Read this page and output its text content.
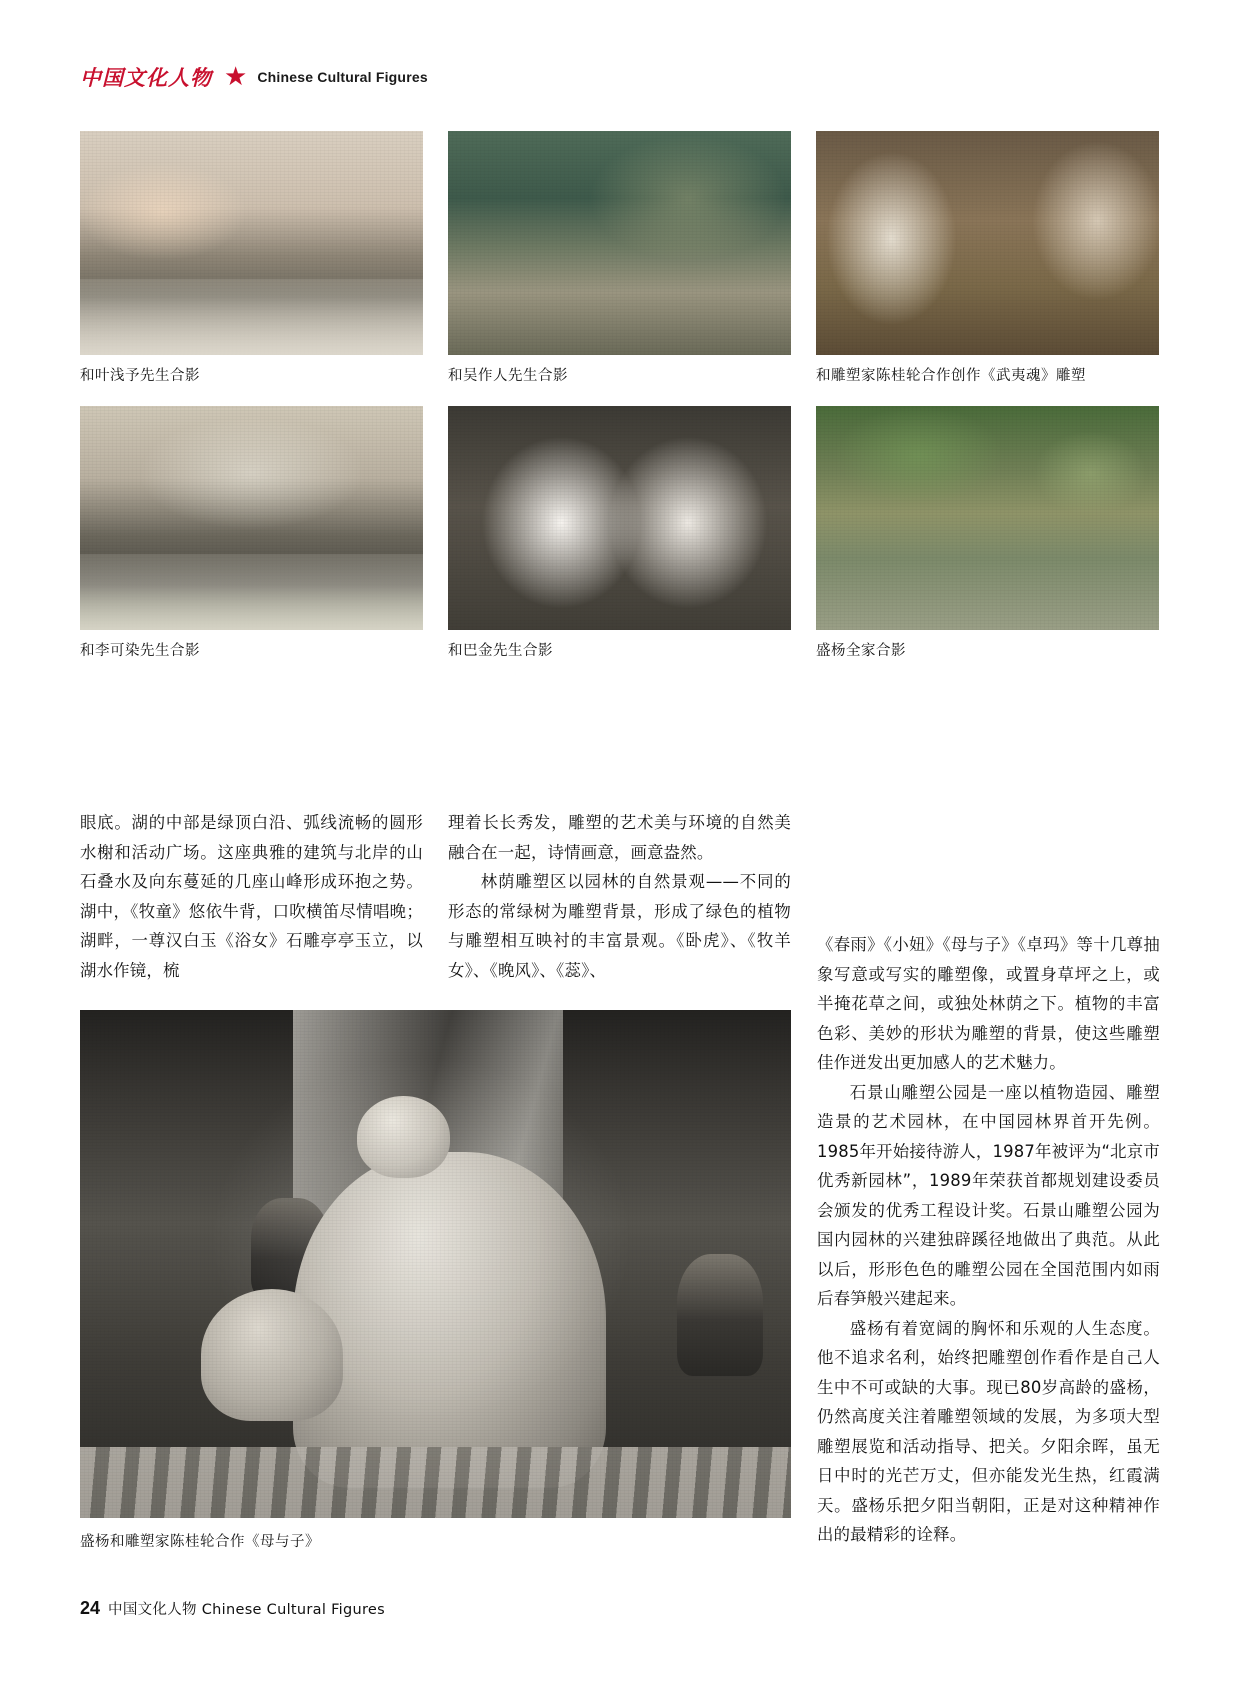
中国文化人物 ★ Chinese Cultural Figures
和叶浅予先生合影	和吴作人先生合影	和雕塑家陈桂轮合作创作《武夷魂》雕塑
和李可染先生合影	和巴金先生合影	盛杨全家合影

眼底。湖的中部是绿顶白沿、弧线流畅的圆形水榭和活动广场。这座典雅的建筑与北岸的山石叠水及向东蔓延的几座山峰形成环抱之势。湖中，《牧童》悠依牛背，口吹横笛尽情唱晚；湖畔，一尊汉白玉《浴女》石雕亭亭玉立，以湖水作镜，梳

理着长长秀发，雕塑的艺术美与环境的自然美融合在一起，诗情画意，画意盎然。

林荫雕塑区以园林的自然景观——不同的形态的常绿树为雕塑背景，形成了绿色的植物与雕塑相互映衬的丰富景观。《卧虎》、《牧羊女》、《晚风》、《蕊》、

《春雨》《小妞》《母与子》《卓玛》等十几尊抽象写意或写实的雕塑像，或置身草坪之上，或半掩花草之间，或独处林荫之下。植物的丰富色彩、美妙的形状为雕塑的背景，使这些雕塑佳作迸发出更加感人的艺术魅力。

石景山雕塑公园是一座以植物造园、雕塑造景的艺术园林，在中国园林界首开先例。1985年开始接待游人，1987年被评为“北京市优秀新园林”，1989年荣获首都规划建设委员会颁发的优秀工程设计奖。石景山雕塑公园为国内园林的兴建独辟蹊径地做出了典范。从此以后，形形色色的雕塑公园在全国范围内如雨后春笋般兴建起来。

盛杨有着宽阔的胸怀和乐观的人生态度。他不追求名利，始终把雕塑创作看作是自己人生中不可或缺的大事。现已80岁高龄的盛杨，仍然高度关注着雕塑领域的发展，为多项大型雕塑展览和活动指导、把关。夕阳余晖，虽无日中时的光芒万丈，但亦能发光生热，红霞满天。盛杨乐把夕阳当朝阳，正是对这种精神作出的最精彩的诠释。

盛杨和雕塑家陈桂轮合作《母与子》
24 中国文化人物 Chinese Cultural Figures
